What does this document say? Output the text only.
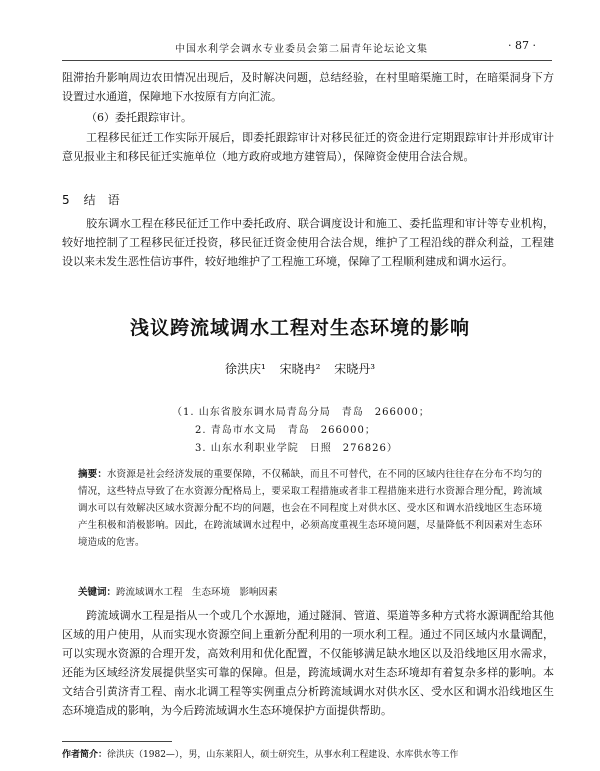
中国水利学会调水专业委员会第二届青年论坛论文集	· 87 ·
阻滞抬升影响周边农田情况出现后，及时解决问题，总结经验，在村里暗渠施工时，在暗渠洞身下方设置过水通道，保障地下水按原有方向汇流。
（6）委托跟踪审计。
工程移民征迁工作实际开展后，即委托跟踪审计对移民征迁的资金进行定期跟踪审计并形成审计意见报业主和移民征迁实施单位（地方政府或地方建管局），保障资金使用合法合规。
5 结　语
胶东调水工程在移民征迁工作中委托政府、联合调度设计和施工、委托监理和审计等专业机构，较好地控制了工程移民征迁投资，移民征迁资金使用合法合规，维护了工程沿线的群众利益，工程建设以来未发生恶性信访事件，较好地维护了工程施工环境，保障了工程顺利建成和调水运行。
浅议跨流域调水工程对生态环境的影响
徐洪庆¹ 宋晓冉² 宋晓丹³
（1. 山东省胶东调水局青岛分局　青岛　266000；
2. 青岛市水文局　青岛　266000；
3. 山东水利职业学院　日照　276826）
摘要：水资源是社会经济发展的重要保障，不仅稀缺，而且不可替代，在不同的区域内往往存在分布不均匀的情况，这些特点导致了在水资源分配格局上，要采取工程措施或者非工程措施来进行水资源合理分配，跨流域调水可以有效解决区域水资源分配不均的问题，也会在不同程度上对供水区、受水区和调水沿线地区生态环境产生积极和消极影响。因此，在跨流域调水过程中，必须高度重视生态环境问题，尽量降低不利因素对生态环境造成的危害。
关键词：跨流域调水工程　生态环境　影响因素
跨流域调水工程是指从一个或几个水源地，通过隧洞、管道、渠道等多种方式将水源调配给其他区域的用户使用，从而实现水资源空间上重新分配利用的一项水利工程。通过不同区域内水量调配，可以实现水资源的合理开发，高效利用和优化配置，不仅能够满足缺水地区以及沿线地区用水需求，还能为区域经济发展提供坚实可靠的保障。但是，跨流域调水对生态环境却有着复杂多样的影响。本文结合引黄济青工程、南水北调工程等实例重点分析跨流域调水对供水区、受水区和调水沿线地区生态环境造成的影响，为今后跨流域调水生态环境保护方面提供帮助。
作者简介：徐洪庆（1982—），男，山东莱阳人，硕士研究生，从事水利工程建设、水库供水等工作
